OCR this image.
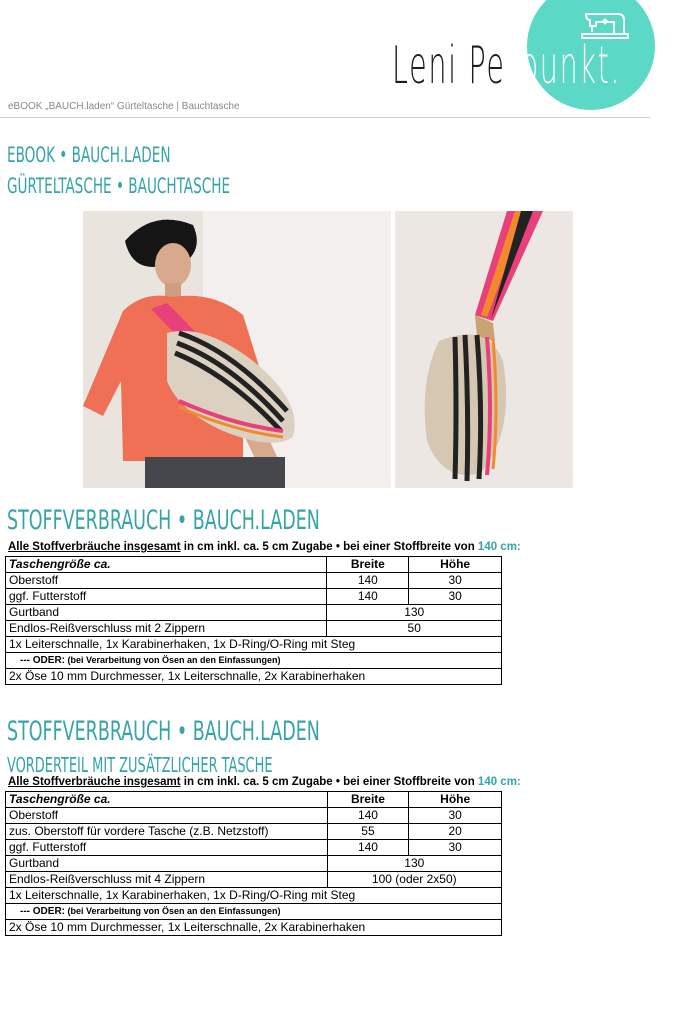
Leni Pe punkt.
eBOOK „BAUCH.laden“ Gürteltasche | Bauchtasche
EBOOK • BAUCH.LADEN
GÜRTELTASCHE • BAUCHTASCHE
STOFFVERBRAUCH • BAUCH.LADEN
Alle Stoffverbräuche insgesamt in cm inkl. ca. 5 cm Zugabe • bei einer Stoffbreite von 140 cm:
Taschengröße ca.	Breite	Höhe
Oberstoff	140	30
ggf. Futterstoff	140	30
Gurtband	130	
Endlos-Reißverschluss mit 2 Zippern	50	
1x Leiterschnalle, 1x Karabinerhaken, 1x D-Ring/O-Ring mit Steg		
--- ODER: (bei Verarbeitung von Ösen an den Einfassungen)		
2x Öse 10 mm Durchmesser, 1x Leiterschnalle, 2x Karabinerhaken		
STOFFVERBRAUCH • BAUCH.LADEN
VORDERTEIL MIT ZUSÄTZLICHER TASCHE
Alle Stoffverbräuche insgesamt in cm inkl. ca. 5 cm Zugabe • bei einer Stoffbreite von 140 cm:
Taschengröße ca.	Breite	Höhe
Oberstoff	140	30
zus. Oberstoff für vordere Tasche (z.B. Netzstoff)	55	20
ggf. Futterstoff	140	30
Gurtband	130	
Endlos-Reißverschluss mit 4 Zippern	100 (oder 2x50)	
1x Leiterschnalle, 1x Karabinerhaken, 1x D-Ring/O-Ring mit Steg		
--- ODER: (bei Verarbeitung von Ösen an den Einfassungen)		
2x Öse 10 mm Durchmesser, 1x Leiterschnalle, 2x Karabinerhaken		
